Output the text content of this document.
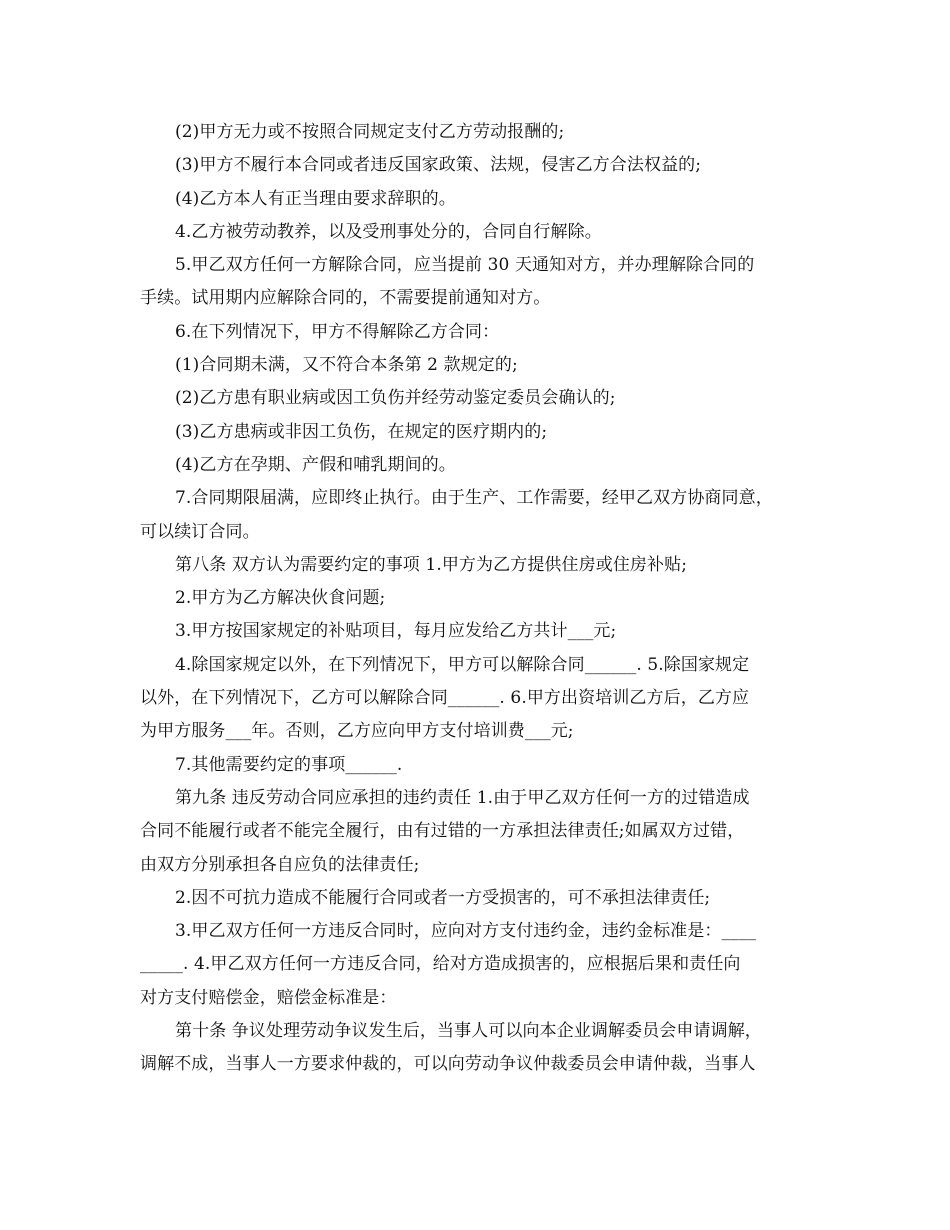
(2)甲方无力或不按照合同规定支付乙方劳动报酬的;
(3)甲方不履行本合同或者违反国家政策、法规，侵害乙方合法权益的;
(4)乙方本人有正当理由要求辞职的。
4.乙方被劳动教养，以及受刑事处分的，合同自行解除。
5.甲乙双方任何一方解除合同，应当提前 30 天通知对方，并办理解除合同的
手续。试用期内应解除合同的，不需要提前通知对方。
6.在下列情况下，甲方不得解除乙方合同：
(1)合同期未满，又不符合本条第 2 款规定的;
(2)乙方患有职业病或因工负伤并经劳动鉴定委员会确认的;
(3)乙方患病或非因工负伤，在规定的医疗期内的;
(4)乙方在孕期、产假和哺乳期间的。
7.合同期限届满，应即终止执行。由于生产、工作需要，经甲乙双方协商同意，
可以续订合同。
第八条 双方认为需要约定的事项 1.甲方为乙方提供住房或住房补贴;
2.甲方为乙方解决伙食问题;
3.甲方按国家规定的补贴项目，每月应发给乙方共计___元;
4.除国家规定以外，在下列情况下，甲方可以解除合同______. 5.除国家规定
以外，在下列情况下，乙方可以解除合同______. 6.甲方出资培训乙方后，乙方应
为甲方服务___年。否则，乙方应向甲方支付培训费___元;
7.其他需要约定的事项______.
第九条 违反劳动合同应承担的违约责任 1.由于甲乙双方任何一方的过错造成
合同不能履行或者不能完全履行，由有过错的一方承担法律责任;如属双方过错，
由双方分别承担各自应负的法律责任;
2.因不可抗力造成不能履行合同或者一方受损害的，可不承担法律责任;
3.甲乙双方任何一方违反合同时，应向对方支付违约金，违约金标准是：____
_____. 4.甲乙双方任何一方违反合同，给对方造成损害的，应根据后果和责任向
对方支付赔偿金，赔偿金标准是：
第十条 争议处理劳动争议发生后，当事人可以向本企业调解委员会申请调解，
调解不成，当事人一方要求仲裁的，可以向劳动争议仲裁委员会申请仲裁，当事人
